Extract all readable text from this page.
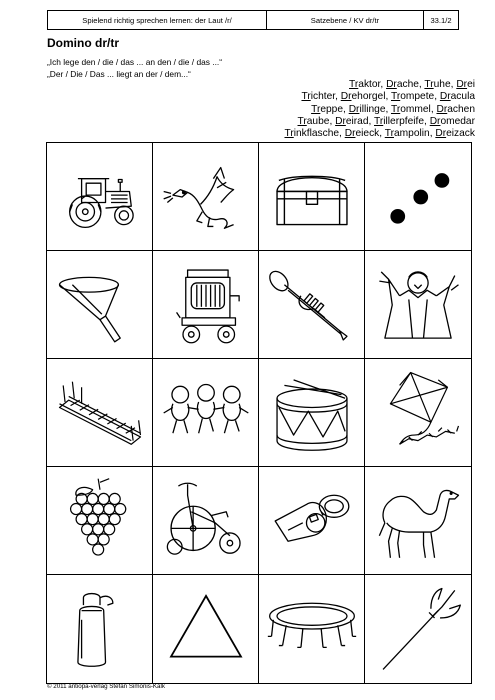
Spielend richtig sprechen lernen: der Laut /r/	Satzebene / KV dr/tr	33.1/2
Domino dr/tr
„Ich lege den / die / das ... an den / die / das ...“
„Der / Die / Das ... liegt an der / dem...“
Traktor, Drache, Truhe, Drei
Trichter, Drehorgel, Trompete, Dracula
Treppe, Drillinge, Trommel, Drachen
Traube, Dreirad, Trillerpfeife, Dromedar
Trinkflasche, Dreieck, Trampolin, Dreizack
© 2011 antiopa-verlag Stefan Simonis-Kalk
